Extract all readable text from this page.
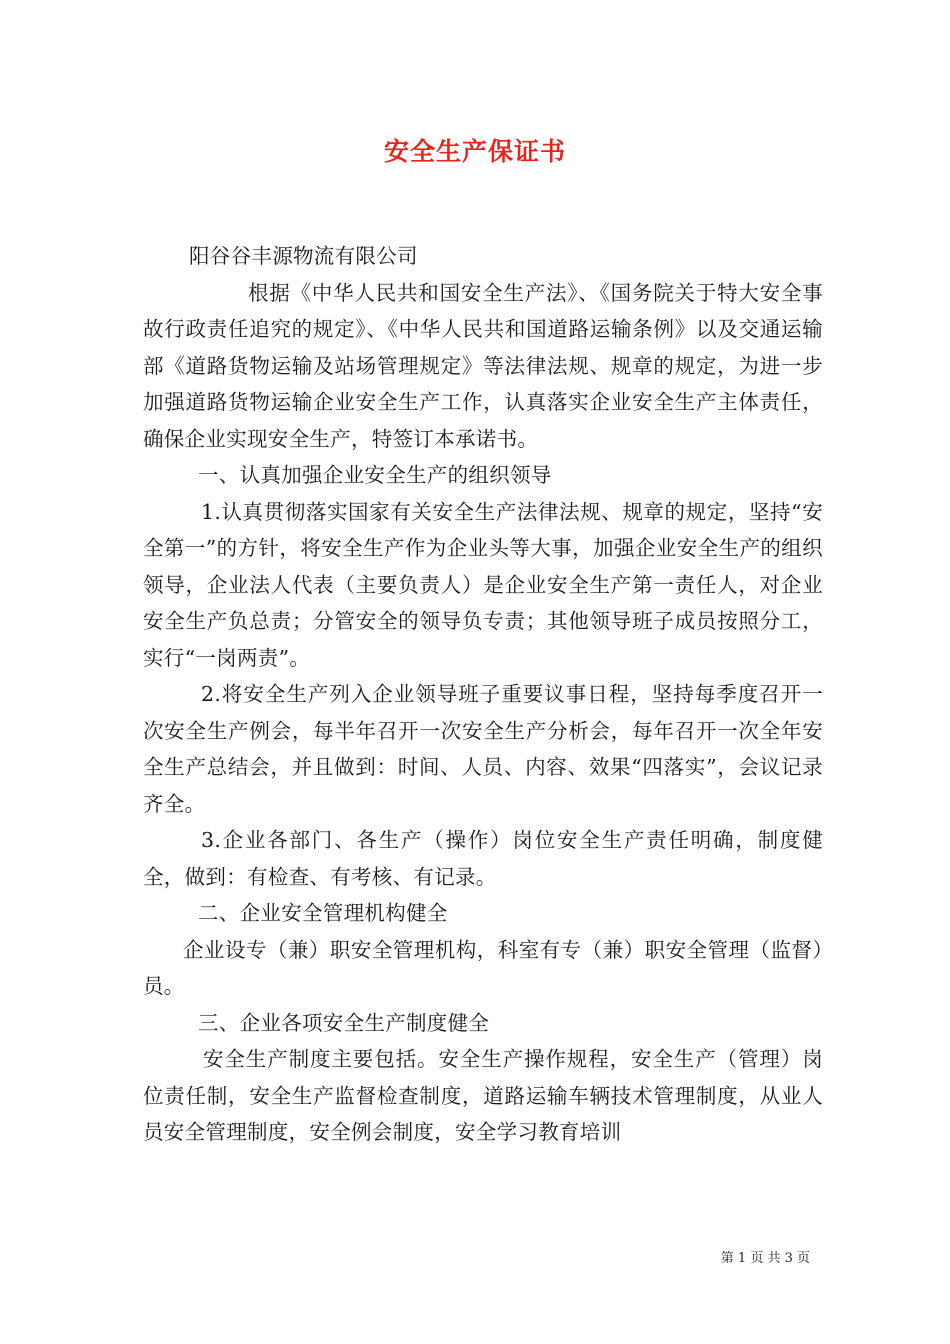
安全生产保证书

阳谷谷丰源物流有限公司

根据《中华人民共和国安全生产法》、《国务院关于特大安全事故行政责任追究的规定》、《中华人民共和国道路运输条例》以及交通运输部《道路货物运输及站场管理规定》等法律法规、规章的规定，为进一步加强道路货物运输企业安全生产工作，认真落实企业安全生产主体责任，确保企业实现安全生产，特签订本承诺书。

一、认真加强企业安全生产的组织领导

1.认真贯彻落实国家有关安全生产法律法规、规章的规定，坚持“安全第一”的方针，将安全生产作为企业头等大事，加强企业安全生产的组织领导，企业法人代表（主要负责人）是企业安全生产第一责任人，对企业安全生产负总责；分管安全的领导负专责；其他领导班子成员按照分工，实行“一岗两责”。

2.将安全生产列入企业领导班子重要议事日程，坚持每季度召开一次安全生产例会，每半年召开一次安全生产分析会，每年召开一次全年安全生产总结会，并且做到：时间、人员、内容、效果“四落实”，会议记录齐全。

3.企业各部门、各生产（操作）岗位安全生产责任明确，制度健全，做到：有检查、有考核、有记录。

二、企业安全管理机构健全

企业设专（兼）职安全管理机构，科室有专（兼）职安全管理（监督）员。

三、企业各项安全生产制度健全

安全生产制度主要包括。安全生产操作规程，安全生产（管理）岗位责任制，安全生产监督检查制度，道路运输车辆技术管理制度，从业人员安全管理制度，安全例会制度，安全学习教育培训

第 1 页 共 3 页
